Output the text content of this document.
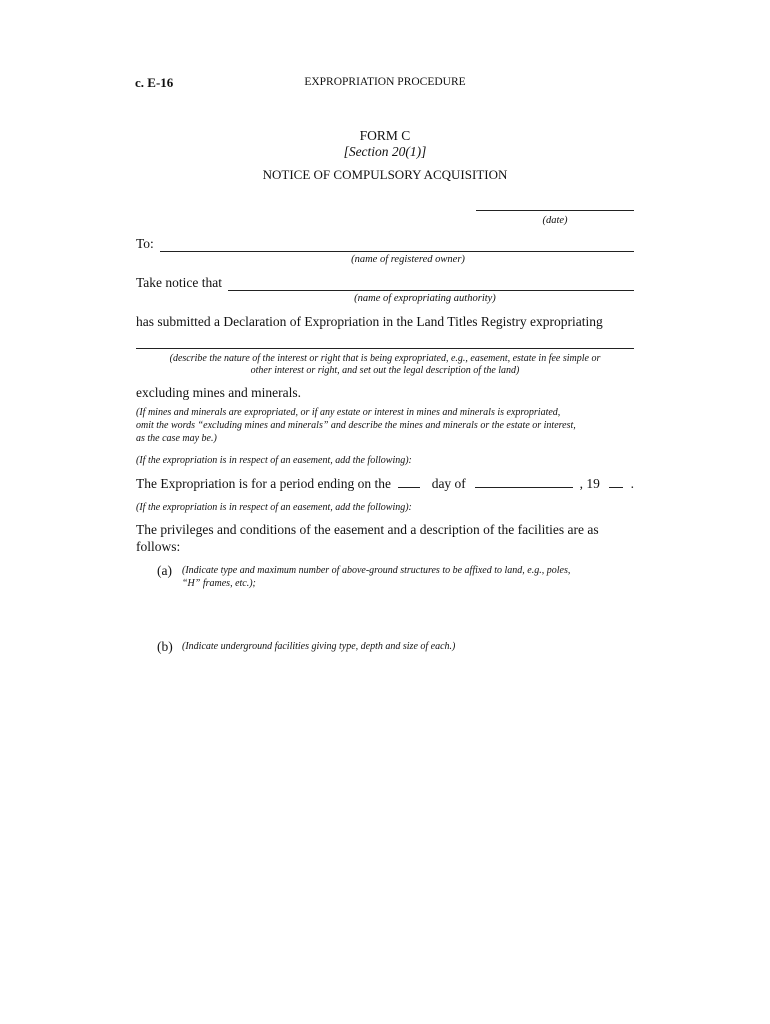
c. E-16	EXPROPRIATION PROCEDURE
FORM C
[Section 20(1)]
NOTICE OF COMPULSORY ACQUISITION
(date)
To:
(name of registered owner)
Take notice that
(name of expropriating authority)
has submitted a Declaration of Expropriation in the Land Titles Registry expropriating
(describe the nature of the interest or right that is being expropriated, e.g., easement, estate in fee simple or
other interest or right, and set out the legal description of the land)
excluding mines and minerals.
(If mines and minerals are expropriated, or if any estate or interest in mines and minerals is expropriated,
omit the words “excluding mines and minerals” and describe the mines and minerals or the estate or interest,
as the case may be.)
(If the expropriation is in respect of an easement, add the following):
The Expropriation is for a period ending on the	day of	, 19 .
(If the expropriation is in respect of an easement, add the following):
The privileges and conditions of the easement and a description of the facilities are as
follows:
(a) (Indicate type and maximum number of above-ground structures to be affixed to land, e.g., poles,
“H” frames, etc.);
(b) (Indicate underground facilities giving type, depth and size of each.)
